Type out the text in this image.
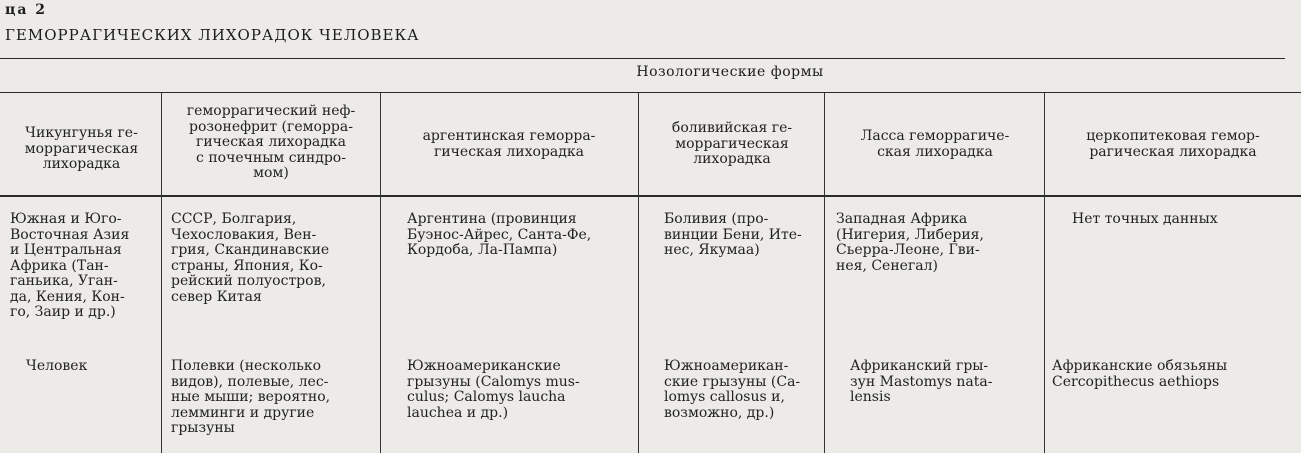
ца 2
ГЕМОРРАГИЧЕСКИХ ЛИХОРАДОК ЧЕЛОВЕКА
Нозологические формы
Чикунгунья ге-
моррагическая
лихорадка
геморрагический неф-
розонефрит (геморра-
гическая лихорадка
с почечным синдро-
мом)
аргентинская геморра-
гическая лихорадка
боливийская ге-
моррагическая
лихорадка
Ласса геморрагиче-
ская лихорадка
церкопитековая гемор-
рагическая лихорадка
Южная и Юго-
Восточная Азия
и Центральная
Африка (Тан-
ганьика, Уган-
да, Кения, Кон-
го, Заир и др.)
СССР, Болгария,
Чехословакия, Вен-
грия, Скандинавские
страны, Япония, Ко-
рейский полуостров,
север Китая
Аргентина (провинция
Буэнос-Айрес, Санта-Фе,
Кордоба, Ла-Пампа)
Боливия (про-
винции Бени, Ите-
нес, Якумаа)
Западная Африка
(Нигерия, Либерия,
Сьерра-Леоне, Гви-
нея, Сенегал)
Нет точных данных
Человек	Полевки (несколько
видов), полевые, лес-
ные мыши; вероятно,
лемминги и другие
грызуны
Южноамериканские
грызуны (Calomys mus-
culus; Calomys laucha
lauchea и др.)
Южноамерикан-
ские грызуны (Ca-
lomys callosus и,
возможно, др.)
Африканский гры-
зун Mastomys nata-
lensis
Африканские обязьяны
Cercopithecus aethiops
